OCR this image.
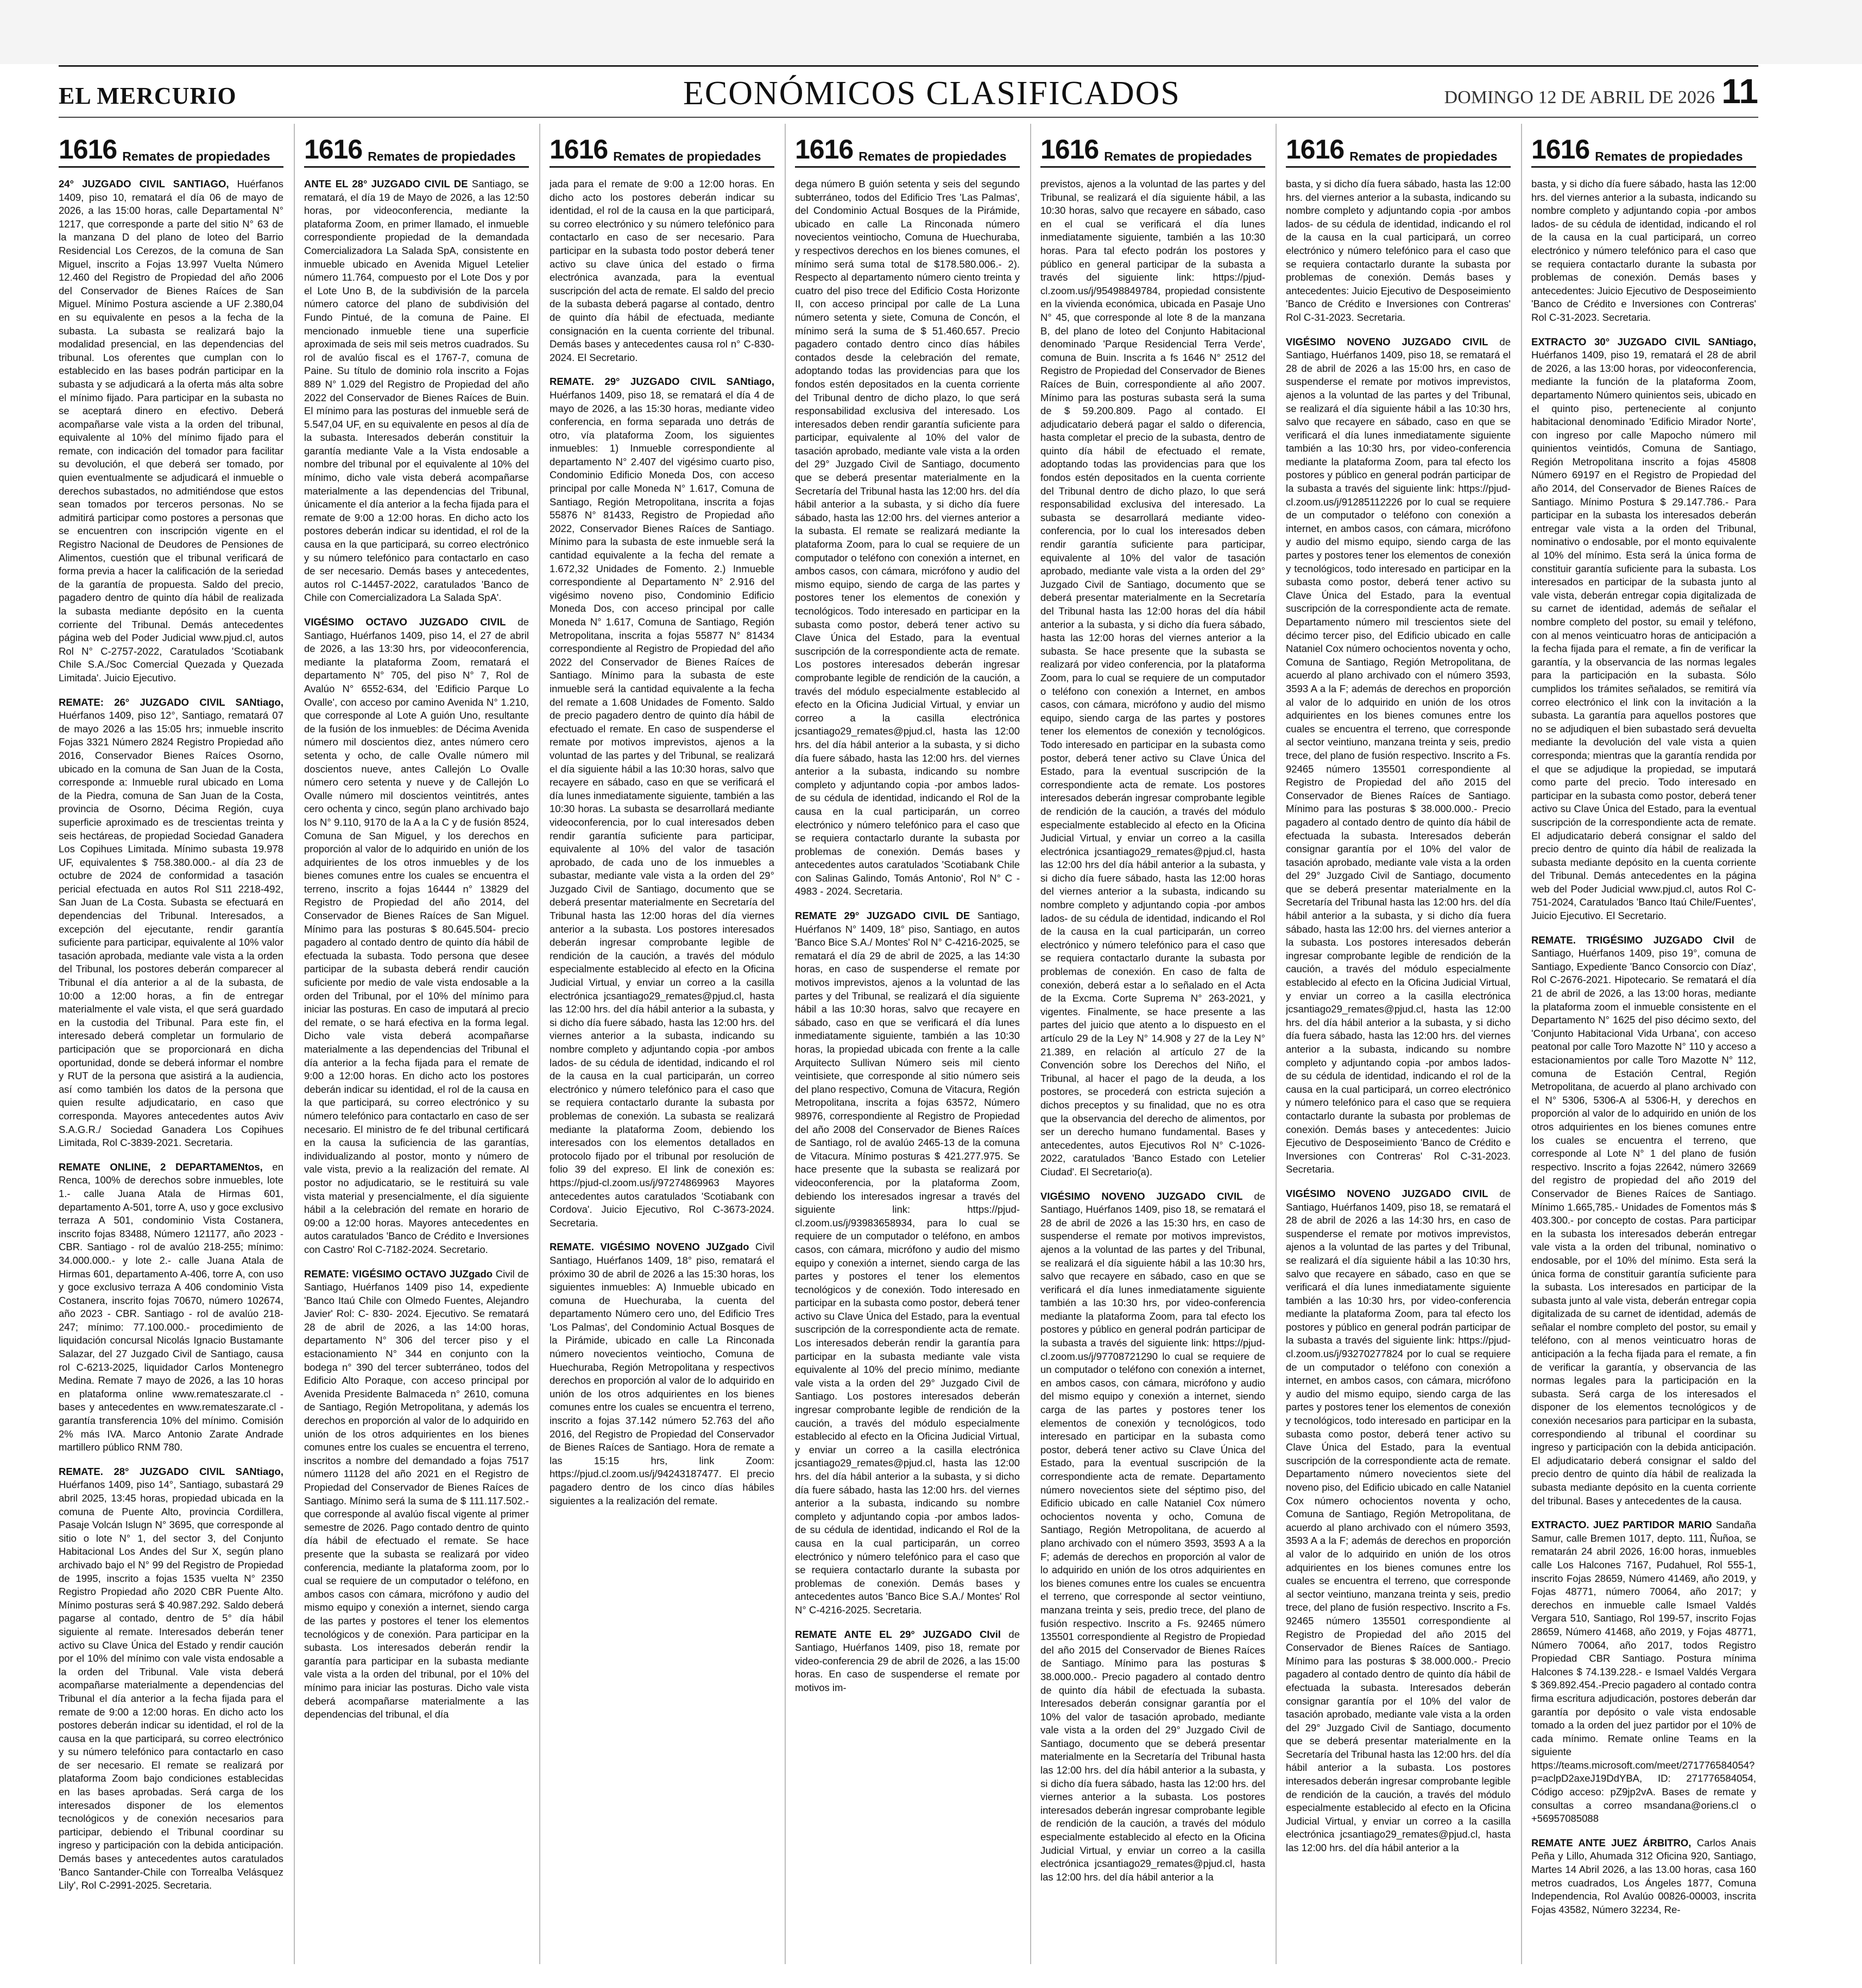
EL MERCURIO	ECONÓMICOS CLASIFICADOS	DOMINGO 12 DE ABRIL DE 2026 11
1616 Remates de propiedades

24° JUZGADO CIVIL SANTIAGO, Huérfanos 1409, piso 10, rematará el día 06 de mayo de 2026, a las 15:00 horas, calle Departamental N° 1217, que corresponde a parte del sitio N° 63 de la manzana D del plano de loteo del Barrio Residencial Los Cerezos, de la comuna de San Miguel, inscrito a Fojas 13.997 Vuelta Número 12.460 del Registro de Propiedad del año 2006 del Conservador de Bienes Raíces de San Miguel. Mínimo Postura asciende a UF 2.380,04 en su equivalente en pesos a la fecha de la subasta. La subasta se realizará bajo la modalidad presencial, en las dependencias del tribunal. Los oferentes que cumplan con lo establecido en las bases podrán participar en la subasta y se adjudicará a la oferta más alta sobre el mínimo fijado. Para participar en la subasta no se aceptará dinero en efectivo. Deberá acompañarse vale vista a la orden del tribunal, equivalente al 10% del mínimo fijado para el remate, con indicación del tomador para facilitar su devolución, el que deberá ser tomado, por quien eventualmente se adjudicará el inmueble o derechos subastados, no admitiéndose que estos sean tomados por terceros personas. No se admitirá participar como postores a personas que se encuentren con inscripción vigente en el Registro Nacional de Deudores de Pensiones de Alimentos, cuestión que el tribunal verificará de forma previa a hacer la calificación de la seriedad de la garantía de propuesta. Saldo del precio, pagadero dentro de quinto día hábil de realizada la subasta mediante depósito en la cuenta corriente del Tribunal. Demás antecedentes página web del Poder Judicial www.pjud.cl, autos Rol N° C-2757-2022, Caratulados 'Scotiabank Chile S.A./Soc Comercial Quezada y Quezada Limitada'. Juicio Ejecutivo.

REMATE: 26° JUZGADO CIVIL SANtiago, Huérfanos 1409, piso 12°, Santiago, rematará 07 de mayo 2026 a las 15:05 hrs; inmueble inscrito Fojas 3321 Número 2824 Registro Propiedad año 2016, Conservador Bienes Raíces Osorno, ubicado en la comuna de San Juan de la Costa, corresponde a: Inmueble rural ubicado en Loma de la Piedra, comuna de San Juan de la Costa, provincia de Osorno, Décima Región, cuya superficie aproximado es de trescientas treinta y seis hectáreas, de propiedad Sociedad Ganadera Los Copihues Limitada. Mínimo subasta 19.978 UF, equivalentes $ 758.380.000.- al día 23 de octubre de 2024 de conformidad a tasación pericial efectuada en autos Rol S11 2218-492, San Juan de La Costa. Subasta se efectuará en dependencias del Tribunal. Interesados, a excepción del ejecutante, rendir garantía suficiente para participar, equivalente al 10% valor tasación aprobada, mediante vale vista a la orden del Tribunal, los postores deberán comparecer al Tribunal el día anterior a al de la subasta, de 10:00 a 12:00 horas, a fin de entregar materialmente el vale vista, el que será guardado en la custodia del Tribunal. Para este fin, el interesado deberá completar un formulario de participación que se proporcionará en dicha oportunidad, donde se deberá informar el nombre y RUT de la persona que asistirá a la audiencia, así como también los datos de la persona que quien resulte adjudicatario, en caso que corresponda. Mayores antecedentes autos Aviv S.A.G.R./ Sociedad Ganadera Los Copihues Limitada, Rol C-3839-2021. Secretaria.

REMATE ONLINE, 2 DEPARTAMENtos, en Renca, 100% de derechos sobre inmuebles, lote 1.- calle Juana Atala de Hirmas 601, departamento A-501, torre A, uso y goce exclusivo terraza A 501, condominio Vista Costanera, inscrito fojas 83488, Número 121177, año 2023 - CBR. Santiago - rol de avalúo 218-255; mínimo: 34.000.000.- y lote 2.- calle Juana Atala de Hirmas 601, departamento A-406, torre A, con uso y goce exclusivo terraza A 406 condominio Vista Costanera, inscrito fojas 70670, número 102674, año 2023 - CBR. Santiago - rol de avalúo 218-247; mínimo: 77.100.000.- procedimiento de liquidación concursal Nicolás Ignacio Bustamante Salazar, del 27 Juzgado Civil de Santiago, causa rol C-6213-2025, liquidador Carlos Montenegro Medina. Remate 7 mayo de 2026, a las 10 horas en plataforma online www.remateszarate.cl - bases y antecedentes en www.remateszarate.cl - garantía transferencia 10% del mínimo. Comisión 2% más IVA. Marco Antonio Zarate Andrade martillero público RNM 780.

REMATE. 28° JUZGADO CIVIL SANtiago, Huérfanos 1409, piso 14°, Santiago, subastará 29 abril 2025, 13:45 horas, propiedad ubicada en la comuna de Puente Alto, provincia Cordillera, Pasaje Volcán Islugn N° 3695, que corresponde al sitio o lote N° 1, del sector 3, del Conjunto Habitacional Los Andes del Sur X, según plano archivado bajo el N° 99 del Registro de Propiedad de 1995, inscrito a fojas 1535 vuelta N° 2350 Registro Propiedad año 2020 CBR Puente Alto. Mínimo posturas será $ 40.987.292. Saldo deberá pagarse al contado, dentro de 5° día hábil siguiente al remate. Interesados deberán tener activo su Clave Única del Estado y rendir caución por el 10% del mínimo con vale vista endosable a la orden del Tribunal. Vale vista deberá acompañarse materialmente a dependencias del Tribunal el día anterior a la fecha fijada para el remate de 9:00 a 12:00 horas. En dicho acto los postores deberán indicar su identidad, el rol de la causa en la que participará, su correo electrónico y su número telefónico para contactarlo en caso de ser necesario. El remate se realizará por plataforma Zoom bajo condiciones establecidas en las bases aprobadas. Será carga de los interesados disponer de los elementos tecnológicos y de conexión necesarios para participar, debiendo el Tribunal coordinar su ingreso y participación con la debida anticipación. Demás bases y antecedentes autos caratulados 'Banco Santander-Chile con Torrealba Velásquez Lily', Rol C-2991-2025. Secretaria.

1616 Remates de propiedades

ANTE EL 28° JUZGADO CIVIL DE Santiago, se rematará, el día 19 de Mayo de 2026, a las 12:50 horas, por videoconferencia, mediante la plataforma Zoom, en primer llamado, el inmueble correspondiente propiedad de la demandada Comercializadora La Salada SpA, consistente en inmueble ubicado en Avenida Miguel Letelier número 11.764, compuesto por el Lote Dos y por el Lote Uno B, de la subdivisión de la parcela número catorce del plano de subdivisión del Fundo Pintué, de la comuna de Paine. El mencionado inmueble tiene una superficie aproximada de seis mil seis metros cuadrados. Su rol de avalúo fiscal es el 1767-7, comuna de Paine. Su título de dominio rola inscrito a Fojas 889 N° 1.029 del Registro de Propiedad del año 2022 del Conservador de Bienes Raíces de Buin. El mínimo para las posturas del inmueble será de 5.547,04 UF, en su equivalente en pesos al día de la subasta. Interesados deberán constituir la garantía mediante Vale a la Vista endosable a nombre del tribunal por el equivalente al 10% del mínimo, dicho vale vista deberá acompañarse materialmente a las dependencias del Tribunal, únicamente el día anterior a la fecha fijada para el remate de 9:00 a 12:00 horas. En dicho acto los postores deberán indicar su identidad, el rol de la causa en la que participará, su correo electrónico y su número telefónico para contactarlo en caso de ser necesario. Demás bases y antecedentes, autos rol C-14457-2022, caratulados 'Banco de Chile con Comercializadora La Salada SpA'.

VIGÉSIMO OCTAVO JUZGADO CIVIL de Santiago, Huérfanos 1409, piso 14, el 27 de abril de 2026, a las 13:30 hrs, por videoconferencia, mediante la plataforma Zoom, rematará el departamento N° 705, del piso N° 7, Rol de Avalúo N° 6552-634, del 'Edificio Parque Lo Ovalle', con acceso por camino Avenida N° 1.210, que corresponde al Lote A guión Uno, resultante de la fusión de los inmuebles: de Décima Avenida número mil doscientos diez, antes número cero setenta y ocho, de calle Ovalle número mil doscientos nueve, antes Callejón Lo Ovalle número cero setenta y nueve y de Callejón Lo Ovalle número mil doscientos veintitrés, antes cero ochenta y cinco, según plano archivado bajo los N° 9.110, 9170 de la A a la C y de fusión 8524, Comuna de San Miguel, y los derechos en proporción al valor de lo adquirido en unión de los adquirientes de los otros inmuebles y de los bienes comunes entre los cuales se encuentra el terreno, inscrito a fojas 16444 n° 13829 del Registro de Propiedad del año 2014, del Conservador de Bienes Raíces de San Miguel. Mínimo para las posturas $ 80.645.504- precio pagadero al contado dentro de quinto día hábil de efectuada la subasta. Todo persona que desee participar de la subasta deberá rendir caución suficiente por medio de vale vista endosable a la orden del Tribunal, por el 10% del mínimo para iniciar las posturas. En caso de imputará al precio del remate, o se hará efectiva en la forma legal. Dicho vale vista deberá acompañarse materialmente a las dependencias del Tribunal el día anterior a la fecha fijada para el remate de 9:00 a 12:00 horas. En dicho acto los postores deberán indicar su identidad, el rol de la causa en la que participará, su correo electrónico y su número telefónico para contactarlo en caso de ser necesario. El ministro de fe del tribunal certificará en la causa la suficiencia de las garantías, individualizando al postor, monto y número de vale vista, previo a la realización del remate. Al postor no adjudicatario, se le restituirá su vale vista material y presencialmente, el día siguiente hábil a la celebración del remate en horario de 09:00 a 12:00 horas. Mayores antecedentes en autos caratulados 'Banco de Crédito e Inversiones con Castro' Rol C-7182-2024. Secretario.

REMATE: VIGÉSIMO OCTAVO JUZgado Civil de Santiago, Huérfanos 1409 piso 14, expediente 'Banco Itaú Chile con Olmedo Fuentes, Alejandro Javier' Rol: C- 830- 2024. Ejecutivo. Se rematará 28 de abril de 2026, a las 14:00 horas, departamento N° 306 del tercer piso y el estacionamiento N° 344 en conjunto con la bodega n° 390 del tercer subterráneo, todos del Edificio Alto Poraque, con acceso principal por Avenida Presidente Balmaceda n° 2610, comuna de Santiago, Región Metropolitana, y además los derechos en proporción al valor de lo adquirido en unión de los otros adquirientes en los bienes comunes entre los cuales se encuentra el terreno, inscritos a nombre del demandado a fojas 7517 número 11128 del año 2021 en el Registro de Propiedad del Conservador de Bienes Raíces de Santiago. Mínimo será la suma de $ 111.117.502.- que corresponde al avalúo fiscal vigente al primer semestre de 2026. Pago contado dentro de quinto día hábil de efectuado el remate. Se hace presente que la subasta se realizará por video conferencia, mediante la plataforma zoom, por lo cual se requiere de un computador o teléfono, en ambos casos con cámara, micrófono y audio del mismo equipo y conexión a internet, siendo carga de las partes y postores el tener los elementos tecnológicos y de conexión. Para participar en la subasta. Los interesados deberán rendir la garantía para participar en la subasta mediante vale vista a la orden del tribunal, por el 10% del mínimo para iniciar las posturas. Dicho vale vista deberá acompañarse materialmente a las dependencias del tribunal, el día

1616 Remates de propiedades

jada para el remate de 9:00 a 12:00 horas. En dicho acto los postores deberán indicar su identidad, el rol de la causa en la que participará, su correo electrónico y su número telefónico para contactarlo en caso de ser necesario. Para participar en la subasta todo postor deberá tener activo su clave única del estado o firma electrónica avanzada, para la eventual suscripción del acta de remate. El saldo del precio de la subasta deberá pagarse al contado, dentro de quinto día hábil de efectuada, mediante consignación en la cuenta corriente del tribunal. Demás bases y antecedentes causa rol n° C-830-2024. El Secretario.

REMATE. 29° JUZGADO CIVIL SANtiago, Huérfanos 1409, piso 18, se rematará el día 4 de mayo de 2026, a las 15:30 horas, mediante video conferencia, en forma separada uno detrás de otro, vía plataforma Zoom, los siguientes inmuebles: 1) Inmueble correspondiente al departamento N° 2.407 del vigésimo cuarto piso, Condominio Edificio Moneda Dos, con acceso principal por calle Moneda N° 1.617, Comuna de Santiago, Región Metropolitana, inscrita a fojas 55876 N° 81433, Registro de Propiedad año 2022, Conservador Bienes Raíces de Santiago. Mínimo para la subasta de este inmueble será la cantidad equivalente a la fecha del remate a 1.672,32 Unidades de Fomento. 2.) Inmueble correspondiente al Departamento N° 2.916 del vigésimo noveno piso, Condominio Edificio Moneda Dos, con acceso principal por calle Moneda N° 1.617, Comuna de Santiago, Región Metropolitana, inscrita a fojas 55877 N° 81434 correspondiente al Registro de Propiedad del año 2022 del Conservador de Bienes Raíces de Santiago. Mínimo para la subasta de este inmueble será la cantidad equivalente a la fecha del remate a 1.608 Unidades de Fomento. Saldo de precio pagadero dentro de quinto día hábil de efectuado el remate. En caso de suspenderse el remate por motivos imprevistos, ajenos a la voluntad de las partes y del Tribunal, se realizará el día siguiente hábil a las 10:30 horas, salvo que recayere en sábado, caso en que se verificará el día lunes inmediatamente siguiente, también a las 10:30 horas. La subasta se desarrollará mediante videoconferencia, por lo cual interesados deben rendir garantía suficiente para participar, equivalente al 10% del valor de tasación aprobado, de cada uno de los inmuebles a subastar, mediante vale vista a la orden del 29° Juzgado Civil de Santiago, documento que se deberá presentar materialmente en Secretaría del Tribunal hasta las 12:00 horas del día viernes anterior a la subasta. Los postores interesados deberán ingresar comprobante legible de rendición de la caución, a través del módulo especialmente establecido al efecto en la Oficina Judicial Virtual, y enviar un correo a la casilla electrónica jcsantiago29_remates@pjud.cl, hasta las 12:00 hrs. del día hábil anterior a la subasta, y si dicho día fuere sábado, hasta las 12:00 hrs. del viernes anterior a la subasta, indicando su nombre completo y adjuntando copia -por ambos lados- de su cédula de identidad, indicando el rol de la causa en la cual participarán, un correo electrónico y número telefónico para el caso que se requiera contactarlo durante la subasta por problemas de conexión. La subasta se realizará mediante la plataforma Zoom, debiendo los interesados con los elementos detallados en protocolo fijado por el tribunal por resolución de folio 39 del expreso. El link de conexión es: https://pjud-cl.zoom.us/j/97274869963 Mayores antecedentes autos caratulados 'Scotiabank con Cordova'. Juicio Ejecutivo, Rol C-3673-2024. Secretaria.

REMATE. VIGÉSIMO NOVENO JUZgado Civil Santiago, Huérfanos 1409, 18° piso, rematará el próximo 30 de abril de 2026 a las 15:30 horas, los siguientes inmuebles: A) Inmueble ubicado en comuna de Huechuraba, la cuenta del departamento Número cero uno, del Edificio Tres 'Los Palmas', del Condominio Actual Bosques de la Pirámide, ubicado en calle La Rinconada número novecientos veintiocho, Comuna de Huechuraba, Región Metropolitana y respectivos derechos en proporción al valor de lo adquirido en unión de los otros adquirientes en los bienes comunes entre los cuales se encuentra el terreno, inscrito a fojas 37.142 número 52.763 del año 2016, del Registro de Propiedad del Conservador de Bienes Raíces de Santiago. Hora de remate a las 15:15 hrs, link Zoom: https://pjud.cl.zoom.us/j/94243187477. El precio pagadero dentro de los cinco días hábiles siguientes a la realización del remate.

1616 Remates de propiedades

dega número B guión setenta y seis del segundo subterráneo, todos del Edificio Tres 'Las Palmas', del Condominio Actual Bosques de la Pirámide, ubicado en calle La Rinconada número novecientos veintiocho, Comuna de Huechuraba, y respectivos derechos en los bienes comunes, el mínimo será suma total de $178.580.006.- 2). Respecto al departamento número ciento treinta y cuatro del piso trece del Edificio Costa Horizonte II, con acceso principal por calle de La Luna número setenta y siete, Comuna de Concón, el mínimo será la suma de $ 51.460.657. Precio pagadero contado dentro cinco días hábiles contados desde la celebración del remate, adoptando todas las providencias para que los fondos estén depositados en la cuenta corriente del Tribunal dentro de dicho plazo, lo que será responsabilidad exclusiva del interesado. Los interesados deben rendir garantía suficiente para participar, equivalente al 10% del valor de tasación aprobado, mediante vale vista a la orden del 29° Juzgado Civil de Santiago, documento que se deberá presentar materialmente en la Secretaría del Tribunal hasta las 12:00 hrs. del día hábil anterior a la subasta, y si dicho día fuere sábado, hasta las 12:00 hrs. del viernes anterior a la subasta. El remate se realizará mediante la plataforma Zoom, para lo cual se requiere de un computador o teléfono con conexión a internet, en ambos casos, con cámara, micrófono y audio del mismo equipo, siendo de carga de las partes y postores tener los elementos de conexión y tecnológicos. Todo interesado en participar en la subasta como postor, deberá tener activo su Clave Única del Estado, para la eventual suscripción de la correspondiente acta de remate. Los postores interesados deberán ingresar comprobante legible de rendición de la caución, a través del módulo especialmente establecido al efecto en la Oficina Judicial Virtual, y enviar un correo a la casilla electrónica jcsantiago29_remates@pjud.cl, hasta las 12:00 hrs. del día hábil anterior a la subasta, y si dicho día fuere sábado, hasta las 12:00 hrs. del viernes anterior a la subasta, indicando su nombre completo y adjuntando copia -por ambos lados- de su cédula de identidad, indicando el Rol de la causa en la cual participarán, un correo electrónico y número telefónico para el caso que se requiera contactarlo durante la subasta por problemas de conexión. Demás bases y antecedentes autos caratulados 'Scotiabank Chile con Salinas Galindo, Tomás Antonio', Rol N° C - 4983 - 2024. Secretaria.

REMATE 29° JUZGADO CIVIL DE Santiago, Huérfanos N° 1409, 18° piso, Santiago, en autos 'Banco Bice S.A./ Montes' Rol N° C-4216-2025, se rematará el día 29 de abril de 2025, a las 14:30 horas, en caso de suspenderse el remate por motivos imprevistos, ajenos a la voluntad de las partes y del Tribunal, se realizará el día siguiente hábil a las 10:30 horas, salvo que recayere en sábado, caso en que se verificará el día lunes inmediatamente siguiente, también a las 10:30 horas, la propiedad ubicada con frente a la calle Arquitecto Sullivan Número seis mil ciento veintisiete, que corresponde al sitio número seis del plano respectivo, Comuna de Vitacura, Región Metropolitana, inscrita a fojas 63572, Número 98976, correspondiente al Registro de Propiedad del año 2008 del Conservador de Bienes Raíces de Santiago, rol de avalúo 2465-13 de la comuna de Vitacura. Mínimo posturas $ 421.277.975. Se hace presente que la subasta se realizará por videoconferencia, por la plataforma Zoom, debiendo los interesados ingresar a través del siguiente link: https://pjud-cl.zoom.us/j/93983658934, para lo cual se requiere de un computador o teléfono, en ambos casos, con cámara, micrófono y audio del mismo equipo y conexión a internet, siendo carga de las partes y postores el tener los elementos tecnológicos y de conexión. Todo interesado en participar en la subasta como postor, deberá tener activo su Clave Única del Estado, para la eventual suscripción de la correspondiente acta de remate. Los interesados deberán rendir la garantía para participar en la subasta mediante vale vista equivalente al 10% del precio mínimo, mediante vale vista a la orden del 29° Juzgado Civil de Santiago. Los postores interesados deberán ingresar comprobante legible de rendición de la caución, a través del módulo especialmente establecido al efecto en la Oficina Judicial Virtual, y enviar un correo a la casilla electrónica jcsantiago29_remates@pjud.cl, hasta las 12:00 hrs. del día hábil anterior a la subasta, y si dicho día fuere sábado, hasta las 12:00 hrs. del viernes anterior a la subasta, indicando su nombre completo y adjuntando copia -por ambos lados- de su cédula de identidad, indicando el Rol de la causa en la cual participarán, un correo electrónico y número telefónico para el caso que se requiera contactarlo durante la subasta por problemas de conexión. Demás bases y antecedentes autos 'Banco Bice S.A./ Montes' Rol N° C-4216-2025. Secretaria.

REMATE ANTE EL 29° JUZGADO CIvil de Santiago, Huérfanos 1409, piso 18, remate por video-conferencia 29 de abril de 2026, a las 15:00 horas. En caso de suspenderse el remate por motivos im-

1616 Remates de propiedades

previstos, ajenos a la voluntad de las partes y del Tribunal, se realizará el día siguiente hábil, a las 10:30 horas, salvo que recayere en sábado, caso en el cual se verificará el día lunes inmediatamente siguiente, también a las 10:30 horas. Para tal efecto podrán los postores y público en general participar de la subasta a través del siguiente link: https://pjud-cl.zoom.us/j/95498849784, propiedad consistente en la vivienda económica, ubicada en Pasaje Uno N° 45, que corresponde al lote 8 de la manzana B, del plano de loteo del Conjunto Habitacional denominado 'Parque Residencial Terra Verde', comuna de Buin. Inscrita a fs 1646 N° 2512 del Registro de Propiedad del Conservador de Bienes Raíces de Buin, correspondiente al año 2007. Mínimo para las posturas subasta será la suma de $ 59.200.809. Pago al contado. El adjudicatario deberá pagar el saldo o diferencia, hasta completar el precio de la subasta, dentro de quinto día hábil de efectuado el remate, adoptando todas las providencias para que los fondos estén depositados en la cuenta corriente del Tribunal dentro de dicho plazo, lo que será responsabilidad exclusiva del interesado. La subasta se desarrollará mediante video-conferencia, por lo cual los interesados deben rendir garantía suficiente para participar, equivalente al 10% del valor de tasación aprobado, mediante vale vista a la orden del 29° Juzgado Civil de Santiago, documento que se deberá presentar materialmente en la Secretaría del Tribunal hasta las 12:00 horas del día hábil anterior a la subasta, y si dicho día fuera sábado, hasta las 12:00 horas del viernes anterior a la subasta. Se hace presente que la subasta se realizará por video conferencia, por la plataforma Zoom, para lo cual se requiere de un computador o teléfono con conexión a Internet, en ambos casos, con cámara, micrófono y audio del mismo equipo, siendo carga de las partes y postores tener los elementos de conexión y tecnológicos. Todo interesado en participar en la subasta como postor, deberá tener activo su Clave Única del Estado, para la eventual suscripción de la correspondiente acta de remate. Los postores interesados deberán ingresar comprobante legible de rendición de la caución, a través del módulo especialmente establecido al efecto en la Oficina Judicial Virtual, y enviar un correo a la casilla electrónica jcsantiago29_remates@pjud.cl, hasta las 12:00 hrs del día hábil anterior a la subasta, y si dicho día fuere sábado, hasta las 12:00 horas del viernes anterior a la subasta, indicando su nombre completo y adjuntando copia -por ambos lados- de su cédula de identidad, indicando el Rol de la causa en la cual participarán, un correo electrónico y número telefónico para el caso que se requiera contactarlo durante la subasta por problemas de conexión. En caso de falta de conexión, deberá estar a lo señalado en el Acta de la Excma. Corte Suprema N° 263-2021, y vigentes. Finalmente, se hace presente a las partes del juicio que atento a lo dispuesto en el artículo 29 de la Ley N° 14.908 y 27 de la Ley N° 21.389, en relación al artículo 27 de la Convención sobre los Derechos del Niño, el Tribunal, al hacer el pago de la deuda, a los postores, se procederá con estricta sujeción a dichos preceptos y su finalidad, que no es otra que la observancia del derecho de alimentos, por ser un derecho humano fundamental. Bases y antecedentes, autos Ejecutivos Rol N° C-1026-2022, caratulados 'Banco Estado con Letelier Ciudad'. El Secretario(a).

VIGÉSIMO NOVENO JUZGADO CIVIL de Santiago, Huérfanos 1409, piso 18, se rematará el 28 de abril de 2026 a las 15:30 hrs, en caso de suspenderse el remate por motivos imprevistos, ajenos a la voluntad de las partes y del Tribunal, se realizará el día siguiente hábil a las 10:30 hrs, salvo que recayere en sábado, caso en que se verificará el día lunes inmediatamente siguiente también a las 10:30 hrs, por video-conferencia mediante la plataforma Zoom, para tal efecto los postores y público en general podrán participar de la subasta a través del siguiente link: https://pjud-cl.zoom.us/j/97708721290 lo cual se requiere de un computador o teléfono con conexión a internet, en ambos casos, con cámara, micrófono y audio del mismo equipo y conexión a internet, siendo carga de las partes y postores tener los elementos de conexión y tecnológicos, todo interesado en participar en la subasta como postor, deberá tener activo su Clave Única del Estado, para la eventual suscripción de la correspondiente acta de remate. Departamento número novecientos siete del séptimo piso, del Edificio ubicado en calle Nataniel Cox número ochocientos noventa y ocho, Comuna de Santiago, Región Metropolitana, de acuerdo al plano archivado con el número 3593, 3593 A a la F; además de derechos en proporción al valor de lo adquirido en unión de los otros adquirientes en los bienes comunes entre los cuales se encuentra el terreno, que corresponde al sector veintiuno, manzana treinta y seis, predio trece, del plano de fusión respectivo. Inscrito a Fs. 92465 número 135501 correspondiente al Registro de Propiedad del año 2015 del Conservador de Bienes Raíces de Santiago. Mínimo para las posturas $ 38.000.000.- Precio pagadero al contado dentro de quinto día hábil de efectuada la subasta. Interesados deberán consignar garantía por el 10% del valor de tasación aprobado, mediante vale vista a la orden del 29° Juzgado Civil de Santiago, documento que se deberá presentar materialmente en la Secretaría del Tribunal hasta las 12:00 hrs. del día hábil anterior a la subasta, y si dicho día fuera sábado, hasta las 12:00 hrs. del viernes anterior a la subasta. Los postores interesados deberán ingresar comprobante legible de rendición de la caución, a través del módulo especialmente establecido al efecto en la Oficina Judicial Virtual, y enviar un correo a la casilla electrónica jcsantiago29_remates@pjud.cl, hasta las 12:00 hrs. del día hábil anterior a la

1616 Remates de propiedades

basta, y si dicho día fuera sábado, hasta las 12:00 hrs. del viernes anterior a la subasta, indicando su nombre completo y adjuntando copia -por ambos lados- de su cédula de identidad, indicando el rol de la causa en la cual participará, un correo electrónico y número telefónico para el caso que se requiera contactarlo durante la subasta por problemas de conexión. Demás bases y antecedentes: Juicio Ejecutivo de Desposeimiento 'Banco de Crédito e Inversiones con Contreras' Rol C-31-2023. Secretaria.

VIGÉSIMO NOVENO JUZGADO CIVIL de Santiago, Huérfanos 1409, piso 18, se rematará el 28 de abril de 2026 a las 15:00 hrs, en caso de suspenderse el remate por motivos imprevistos, ajenos a la voluntad de las partes y del Tribunal, se realizará el día siguiente hábil a las 10:30 hrs, salvo que recayere en sábado, caso en que se verificará el día lunes inmediatamente siguiente también a las 10:30 hrs, por video-conferencia mediante la plataforma Zoom, para tal efecto los postores y público en general podrán participar de la subasta a través del siguiente link: https://pjud-cl.zoom.us/j/91285112226 por lo cual se requiere de un computador o teléfono con conexión a internet, en ambos casos, con cámara, micrófono y audio del mismo equipo, siendo carga de las partes y postores tener los elementos de conexión y tecnológicos, todo interesado en participar en la subasta como postor, deberá tener activo su Clave Única del Estado, para la eventual suscripción de la correspondiente acta de remate. Departamento número mil trescientos siete del décimo tercer piso, del Edificio ubicado en calle Nataniel Cox número ochocientos noventa y ocho, Comuna de Santiago, Región Metropolitana, de acuerdo al plano archivado con el número 3593, 3593 A a la F; además de derechos en proporción al valor de lo adquirido en unión de los otros adquirientes en los bienes comunes entre los cuales se encuentra el terreno, que corresponde al sector veintiuno, manzana treinta y seis, predio trece, del plano de fusión respectivo. Inscrito a Fs. 92465 número 135501 correspondiente al Registro de Propiedad del año 2015 del Conservador de Bienes Raíces de Santiago. Mínimo para las posturas $ 38.000.000.- Precio pagadero al contado dentro de quinto día hábil de efectuada la subasta. Interesados deberán consignar garantía por el 10% del valor de tasación aprobado, mediante vale vista a la orden del 29° Juzgado Civil de Santiago, documento que se deberá presentar materialmente en la Secretaría del Tribunal hasta las 12:00 hrs. del día hábil anterior a la subasta, y si dicho día fuera sábado, hasta las 12:00 hrs. del viernes anterior a la subasta. Los postores interesados deberán ingresar comprobante legible de rendición de la caución, a través del módulo especialmente establecido al efecto en la Oficina Judicial Virtual, y enviar un correo a la casilla electrónica jcsantiago29_remates@pjud.cl, hasta las 12:00 hrs. del día hábil anterior a la subasta, y si dicho día fuera sábado, hasta las 12:00 hrs. del viernes anterior a la subasta, indicando su nombre completo y adjuntando copia -por ambos lados- de su cédula de identidad, indicando el rol de la causa en la cual participará, un correo electrónico y número telefónico para el caso que se requiera contactarlo durante la subasta por problemas de conexión. Demás bases y antecedentes: Juicio Ejecutivo de Desposeimiento 'Banco de Crédito e Inversiones con Contreras' Rol C-31-2023. Secretaria.

VIGÉSIMO NOVENO JUZGADO CIVIL de Santiago, Huérfanos 1409, piso 18, se rematará el 28 de abril de 2026 a las 14:30 hrs, en caso de suspenderse el remate por motivos imprevistos, ajenos a la voluntad de las partes y del Tribunal, se realizará el día siguiente hábil a las 10:30 hrs, salvo que recayere en sábado, caso en que se verificará el día lunes inmediatamente siguiente también a las 10:30 hrs, por video-conferencia mediante la plataforma Zoom, para tal efecto los postores y público en general podrán participar de la subasta a través del siguiente link: https://pjud-cl.zoom.us/j/93270277824 por lo cual se requiere de un computador o teléfono con conexión a internet, en ambos casos, con cámara, micrófono y audio del mismo equipo, siendo carga de las partes y postores tener los elementos de conexión y tecnológicos, todo interesado en participar en la subasta como postor, deberá tener activo su Clave Única del Estado, para la eventual suscripción de la correspondiente acta de remate. Departamento número novecientos siete del noveno piso, del Edificio ubicado en calle Nataniel Cox número ochocientos noventa y ocho, Comuna de Santiago, Región Metropolitana, de acuerdo al plano archivado con el número 3593, 3593 A a la F; además de derechos en proporción al valor de lo adquirido en unión de los otros adquirientes en los bienes comunes entre los cuales se encuentra el terreno, que corresponde al sector veintiuno, manzana treinta y seis, predio trece, del plano de fusión respectivo. Inscrito a Fs. 92465 número 135501 correspondiente al Registro de Propiedad del año 2015 del Conservador de Bienes Raíces de Santiago. Mínimo para las posturas $ 38.000.000.- Precio pagadero al contado dentro de quinto día hábil de efectuada la subasta. Interesados deberán consignar garantía por el 10% del valor de tasación aprobado, mediante vale vista a la orden del 29° Juzgado Civil de Santiago, documento que se deberá presentar materialmente en la Secretaría del Tribunal hasta las 12:00 hrs. del día hábil anterior a la subasta. Los postores interesados deberán ingresar comprobante legible de rendición de la caución, a través del módulo especialmente establecido al efecto en la Oficina Judicial Virtual, y enviar un correo a la casilla electrónica jcsantiago29_remates@pjud.cl, hasta las 12:00 hrs. del día hábil anterior a la

1616 Remates de propiedades

basta, y si dicho día fuere sábado, hasta las 12:00 hrs. del viernes anterior a la subasta, indicando su nombre completo y adjuntando copia -por ambos lados- de su cédula de identidad, indicando el rol de la causa en la cual participará, un correo electrónico y número telefónico para el caso que se requiera contactarlo durante la subasta por problemas de conexión. Demás bases y antecedentes: Juicio Ejecutivo de Desposeimiento 'Banco de Crédito e Inversiones con Contreras' Rol C-31-2023. Secretaria.

EXTRACTO 30° JUZGADO CIVIL SANtiago, Huérfanos 1409, piso 19, rematará el 28 de abril de 2026, a las 13:00 horas, por videoconferencia, mediante la función de la plataforma Zoom, departamento Número quinientos seis, ubicado en el quinto piso, perteneciente al conjunto habitacional denominado 'Edificio Mirador Norte', con ingreso por calle Mapocho número mil quinientos veintidós, Comuna de Santiago, Región Metropolitana inscrito a fojas 45808 Número 69197 en el Registro de Propiedad del año 2014, del Conservador de Bienes Raíces de Santiago. Mínimo Postura $ 29.147.786.- Para participar en la subasta los interesados deberán entregar vale vista a la orden del Tribunal, nominativo o endosable, por el monto equivalente al 10% del mínimo. Esta será la única forma de constituir garantía suficiente para la subasta. Los interesados en participar de la subasta junto al vale vista, deberán entregar copia digitalizada de su carnet de identidad, además de señalar el nombre completo del postor, su email y teléfono, con al menos veinticuatro horas de anticipación a la fecha fijada para el remate, a fin de verificar la garantía, y la observancia de las normas legales para la participación en la subasta. Sólo cumplidos los trámites señalados, se remitirá vía correo electrónico el link con la invitación a la subasta. La garantía para aquellos postores que no se adjudiquen el bien subastado será devuelta mediante la devolución del vale vista a quien corresponda; mientras que la garantía rendida por el que se adjudique la propiedad, se imputará como parte del precio. Todo interesado en participar en la subasta como postor, deberá tener activo su Clave Única del Estado, para la eventual suscripción de la correspondiente acta de remate. El adjudicatario deberá consignar el saldo del precio dentro de quinto día hábil de realizada la subasta mediante depósito en la cuenta corriente del Tribunal. Demás antecedentes en la página web del Poder Judicial www.pjud.cl, autos Rol C-751-2024, Caratulados 'Banco Itaú Chile/Fuentes', Juicio Ejecutivo. El Secretario.

REMATE. TRIGÉSIMO JUZGADO CIvil de Santiago, Huérfanos 1409, piso 19°, comuna de Santiago, Expediente 'Banco Consorcio con Díaz', Rol C-2676-2021. Hipotecario. Se rematará el día 21 de abril de 2026, a las 13:00 horas, mediante la plataforma zoom el inmueble consistente en el Departamento N° 1625 del piso décimo sexto, del 'Conjunto Habitacional Vida Urbana', con acceso peatonal por calle Toro Mazotte N° 110 y acceso a estacionamientos por calle Toro Mazotte N° 112, comuna de Estación Central, Región Metropolitana, de acuerdo al plano archivado con el N° 5306, 5306-A al 5306-H, y derechos en proporción al valor de lo adquirido en unión de los otros adquirientes en los bienes comunes entre los cuales se encuentra el terreno, que corresponde al Lote N° 1 del plano de fusión respectivo. Inscrito a fojas 22642, número 32669 del registro de propiedad del año 2019 del Conservador de Bienes Raíces de Santiago. Mínimo 1.665,785.- Unidades de Fomentos más $ 403.300.- por concepto de costas. Para participar en la subasta los interesados deberán entregar vale vista a la orden del tribunal, nominativo o endosable, por el 10% del mínimo. Esta será la única forma de constituir garantía suficiente para la subasta. Los interesados en participar de la subasta junto al vale vista, deberán entregar copia digitalizada de su carnet de identidad, además de señalar el nombre completo del postor, su email y teléfono, con al menos veinticuatro horas de anticipación a la fecha fijada para el remate, a fin de verificar la garantía, y observancia de las normas legales para la participación en la subasta. Será carga de los interesados el disponer de los elementos tecnológicos y de conexión necesarios para participar en la subasta, correspondiendo al tribunal el coordinar su ingreso y participación con la debida anticipación. El adjudicatario deberá consignar el saldo del precio dentro de quinto día hábil de realizada la subasta mediante depósito en la cuenta corriente del tribunal. Bases y antecedentes de la causa.

EXTRACTO. JUEZ PARTIDOR MARIO Sandaña Samur, calle Bremen 1017, depto. 111, Ñuñoa, se rematarán 24 abril 2026, 16:00 horas, inmuebles calle Los Halcones 7167, Pudahuel, Rol 555-1, inscrito Fojas 28659, Número 41469, año 2019, y Fojas 48771, número 70064, año 2017; y derechos en inmueble calle Ismael Valdés Vergara 510, Santiago, Rol 199-57, inscrito Fojas 28659, Número 41468, año 2019, y Fojas 48771, Número 70064, año 2017, todos Registro Propiedad CBR Santiago. Postura mínima Halcones $ 74.139.228.- e Ismael Valdés Vergara $ 369.892.454.-Precio pagadero al contado contra firma escritura adjudicación, postores deberán dar garantía por depósito o vale vista endosable tomado a la orden del juez partidor por el 10% de cada mínimo. Remate online Teams en la siguiente https://teams.microsoft.com/meet/271776584054?p=aclpD2axeJ19DdYBA, ID: 271776584054, Código acceso: pZ9jp2vA. Bases de remate y consultas a correo msandana@oriens.cl o +56957085088

REMATE ANTE JUEZ ÁRBITRO, Carlos Anais Peña y Lillo, Ahumada 312 Oficina 920, Santiago, Martes 14 Abril 2026, a las 13.00 horas, casa 160 metros cuadrados, Los Ángeles 1877, Comuna Independencia, Rol Avalúo 00826-00003, inscrita Fojas 43582, Número 32234, Re-
